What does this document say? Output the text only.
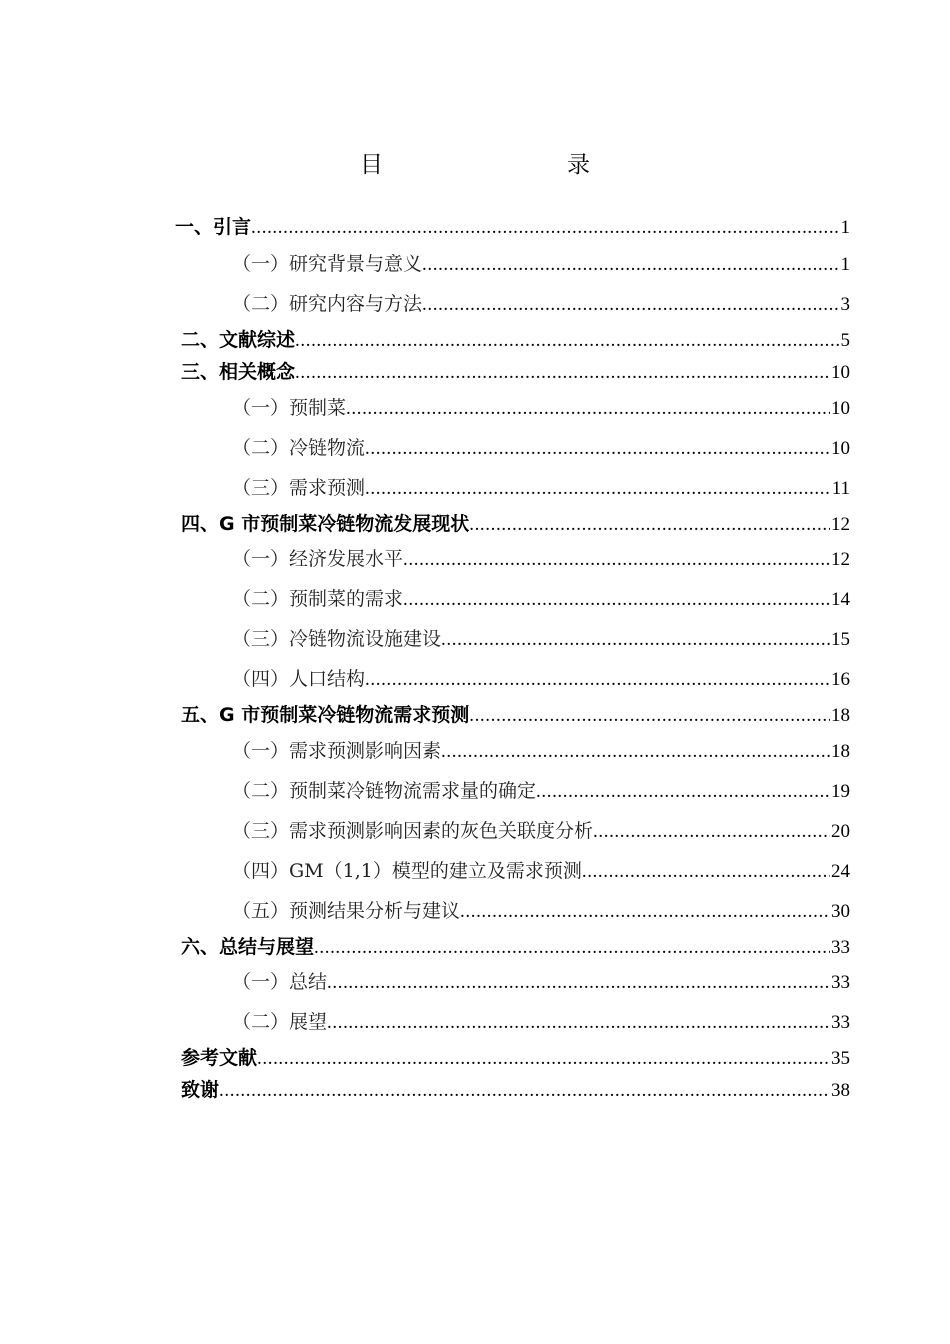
目　　录
一、引言 .....	1
（一）研究背景与意义 .....	1
（二）研究内容与方法 .....	3
二、文献综述 .....	5
三、相关概念 .....	10
（一）预制菜 .....	10
（二）冷链物流 .....	10
（三）需求预测 .....	11
四、G 市预制菜冷链物流发展现状 .....	12
（一）经济发展水平 .....	12
（二）预制菜的需求 .....	14
（三）冷链物流设施建设 .....	15
（四）人口结构 .....	16
五、G 市预制菜冷链物流需求预测 .....	18
（一）需求预测影响因素 .....	18
（二）预制菜冷链物流需求量的确定 .....	19
（三）需求预测影响因素的灰色关联度分析 .....	20
（四）GM（1,1）模型的建立及需求预测 .....	24
（五）预测结果分析与建议 .....	30
六、总结与展望 .....	33
（一）总结 .....	33
（二）展望 .....	33
参考文献 .....	35
致谢 .....	38
